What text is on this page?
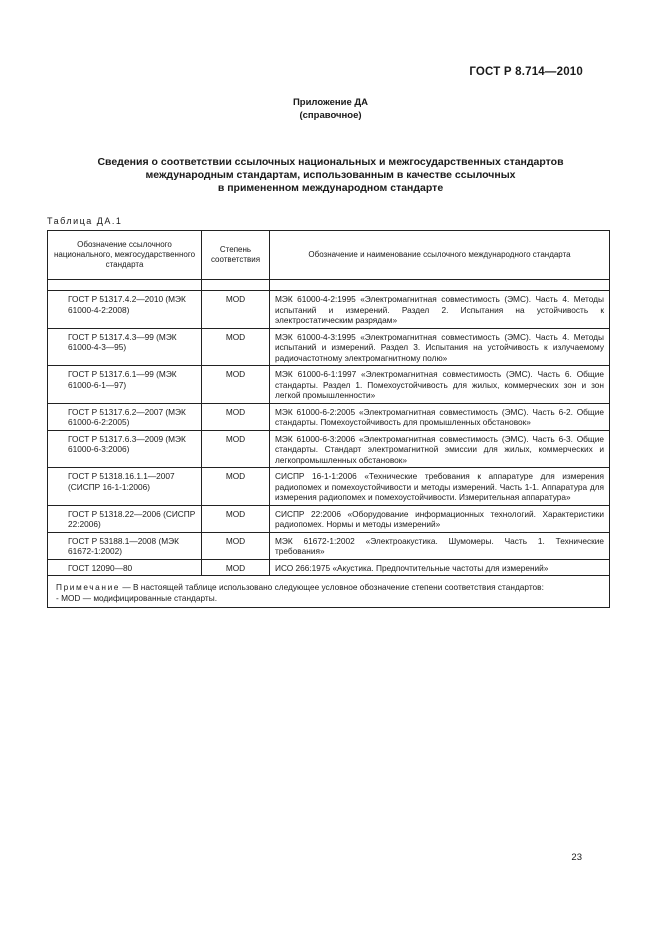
ГОСТ Р 8.714—2010
Приложение ДА
(справочное)
Сведения о соответствии ссылочных национальных и межгосударственных стандартов
международным стандартам, использованным в качестве ссылочных
в примененном международном стандарте
Таблица ДА.1
Обозначение ссылочного национального, межгосударственного стандарта	Степень соответствия	Обозначение и наименование ссылочного международного стандарта

ГОСТ Р 51317.4.2—2010 (МЭК 61000-4-2:2008)	MOD	МЭК 61000-4-2:1995 «Электромагнитная совместимость (ЭМС). Часть 4. Методы испытаний и измерений. Раздел 2. Испытания на устойчивость к электростатическим разрядам»
ГОСТ Р 51317.4.3—99 (МЭК 61000-4-3—95)	MOD	МЭК 61000-4-3:1995 «Электромагнитная совместимость (ЭМС). Часть 4. Методы испытаний и измерений. Раздел 3. Испытания на устойчивость к излучаемому радиочастотному электромагнитному полю»
ГОСТ Р 51317.6.1—99 (МЭК 61000-6-1—97)	MOD	МЭК 61000-6-1:1997 «Электромагнитная совместимость (ЭМС). Часть 6. Общие стандарты. Раздел 1. Помехоустойчивость для жилых, коммерческих зон и зон легкой промышленности»
ГОСТ Р 51317.6.2—2007 (МЭК 61000-6-2:2005)	MOD	МЭК 61000-6-2:2005 «Электромагнитная совместимость (ЭМС). Часть 6-2. Общие стандарты. Помехоустойчивость для промышленных обстановок»
ГОСТ Р 51317.6.3—2009 (МЭК 61000-6-3:2006)	MOD	МЭК 61000-6-3:2006 «Электромагнитная совместимость (ЭМС). Часть 6-3. Общие стандарты. Стандарт электромагнитной эмиссии для жилых, коммерческих и легкопромышленных обстановок»
ГОСТ Р 51318.16.1.1—2007 (СИСПР 16-1-1:2006)	MOD	СИСПР 16-1-1:2006 «Технические требования к аппаратуре для измерения радиопомех и помехоустойчивости и методы измерений. Часть 1-1. Аппаратура для измерения радиопомех и помехоустойчивости. Измерительная аппаратура»
ГОСТ Р 51318.22—2006 (СИСПР 22:2006)	MOD	СИСПР 22:2006 «Оборудование информационных технологий. Характеристики радиопомех. Нормы и методы измерений»
ГОСТ Р 53188.1—2008 (МЭК 61672-1:2002)	MOD	МЭК 61672-1:2002 «Электроакустика. Шумомеры. Часть 1. Технические требования»
ГОСТ 12090—80	MOD	ИСО 266:1975 «Акустика. Предпочтительные частоты для измерений»
Примечание — В настоящей таблице использовано следующее условное обозначение степени соответствия стандартов:
- MOD — модифицированные стандарты.		
23
